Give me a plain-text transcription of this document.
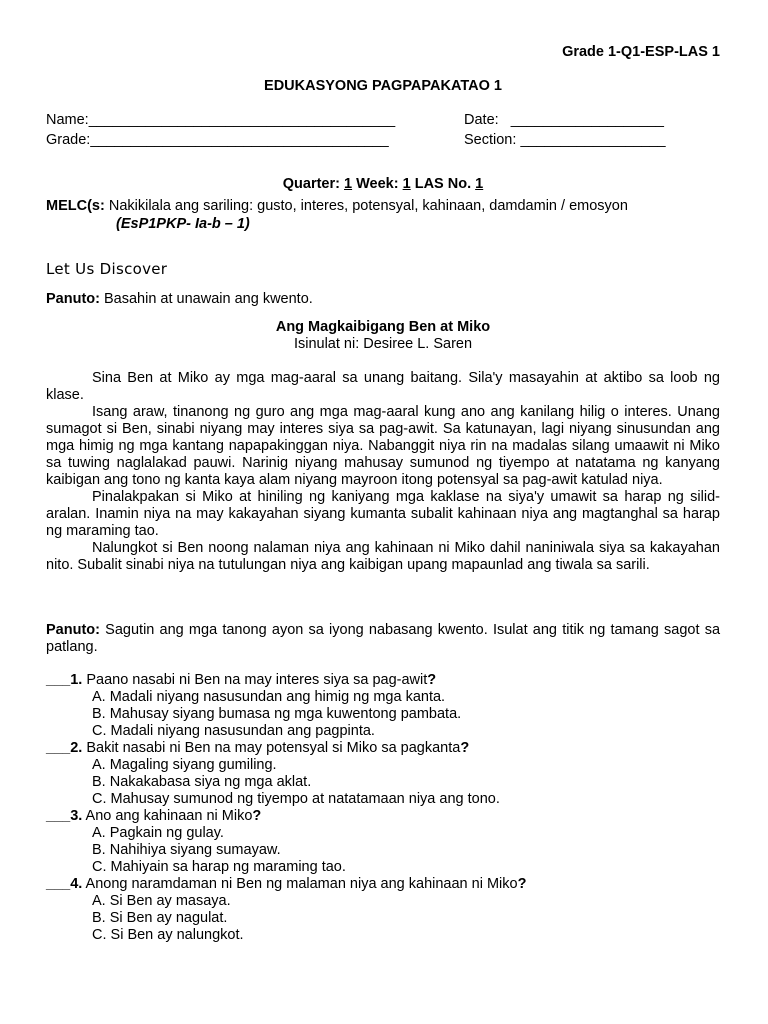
Grade 1-Q1-ESP-LAS 1
EDUKASYONG PAGPAPAKATAO 1
Name:______________________________________	Date: ___________________
Grade:_____________________________________	Section: __________________
Quarter: 1 Week: 1 LAS No. 1
MELC(s: Nakikilala ang sariling: gusto, interes, potensyal, kahinaan, damdamin / emosyon
(EsP1PKP- Ia-b – 1)
Let Us Discover
Panuto: Basahin at unawain ang kwento.
Ang Magkaibigang Ben at Miko
Isinulat ni: Desiree L. Saren

Sina Ben at Miko ay mga mag-aaral sa unang baitang. Sila'y masayahin at aktibo sa loob ng klase.

Isang araw, tinanong ng guro ang mga mag-aaral kung ano ang kanilang hilig o interes. Unang sumagot si Ben, sinabi niyang may interes siya sa pag-awit. Sa katunayan, lagi niyang sinusundan ang mga himig ng mga kantang napapakinggan niya. Nabanggit niya rin na madalas silang umaawit ni Miko sa tuwing naglalakad pauwi. Narinig niyang mahusay sumunod ng tiyempo at natatama ng kanyang kaibigan ang tono ng kanta kaya alam niyang mayroon itong potensyal sa pag-awit katulad niya.

Pinalakpakan si Miko at hiniling ng kaniyang mga kaklase na siya'y umawit sa harap ng silid-aralan. Inamin niya na may kakayahan siyang kumanta subalit kahinaan niya ang magtanghal sa harap ng maraming tao.

Nalungkot si Ben noong nalaman niya ang kahinaan ni Miko dahil naniniwala siya sa kakayahan nito. Subalit sinabi niya na tutulungan niya ang kaibigan upang mapaunlad ang tiwala sa sarili.

Panuto: Sagutin ang mga tanong ayon sa iyong nabasang kwento. Isulat ang titik ng tamang sagot sa patlang.

___1. Paano nasabi ni Ben na may interes siya sa pag-awit?

A. Madali niyang nasusundan ang himig ng mga kanta.

B. Mahusay siyang bumasa ng mga kuwentong pambata.

C. Madali niyang nasusundan ang pagpinta.

___2. Bakit nasabi ni Ben na may potensyal si Miko sa pagkanta?

A. Magaling siyang gumiling.

B. Nakakabasa siya ng mga aklat.

C. Mahusay sumunod ng tiyempo at natatamaan niya ang tono.

___3. Ano ang kahinaan ni Miko?

A. Pagkain ng gulay.

B. Nahihiya siyang sumayaw.

C. Mahiyain sa harap ng maraming tao.

___4. Anong naramdaman ni Ben ng malaman niya ang kahinaan ni Miko?

A. Si Ben ay masaya.

B. Si Ben ay nagulat.

C. Si Ben ay nalungkot.
